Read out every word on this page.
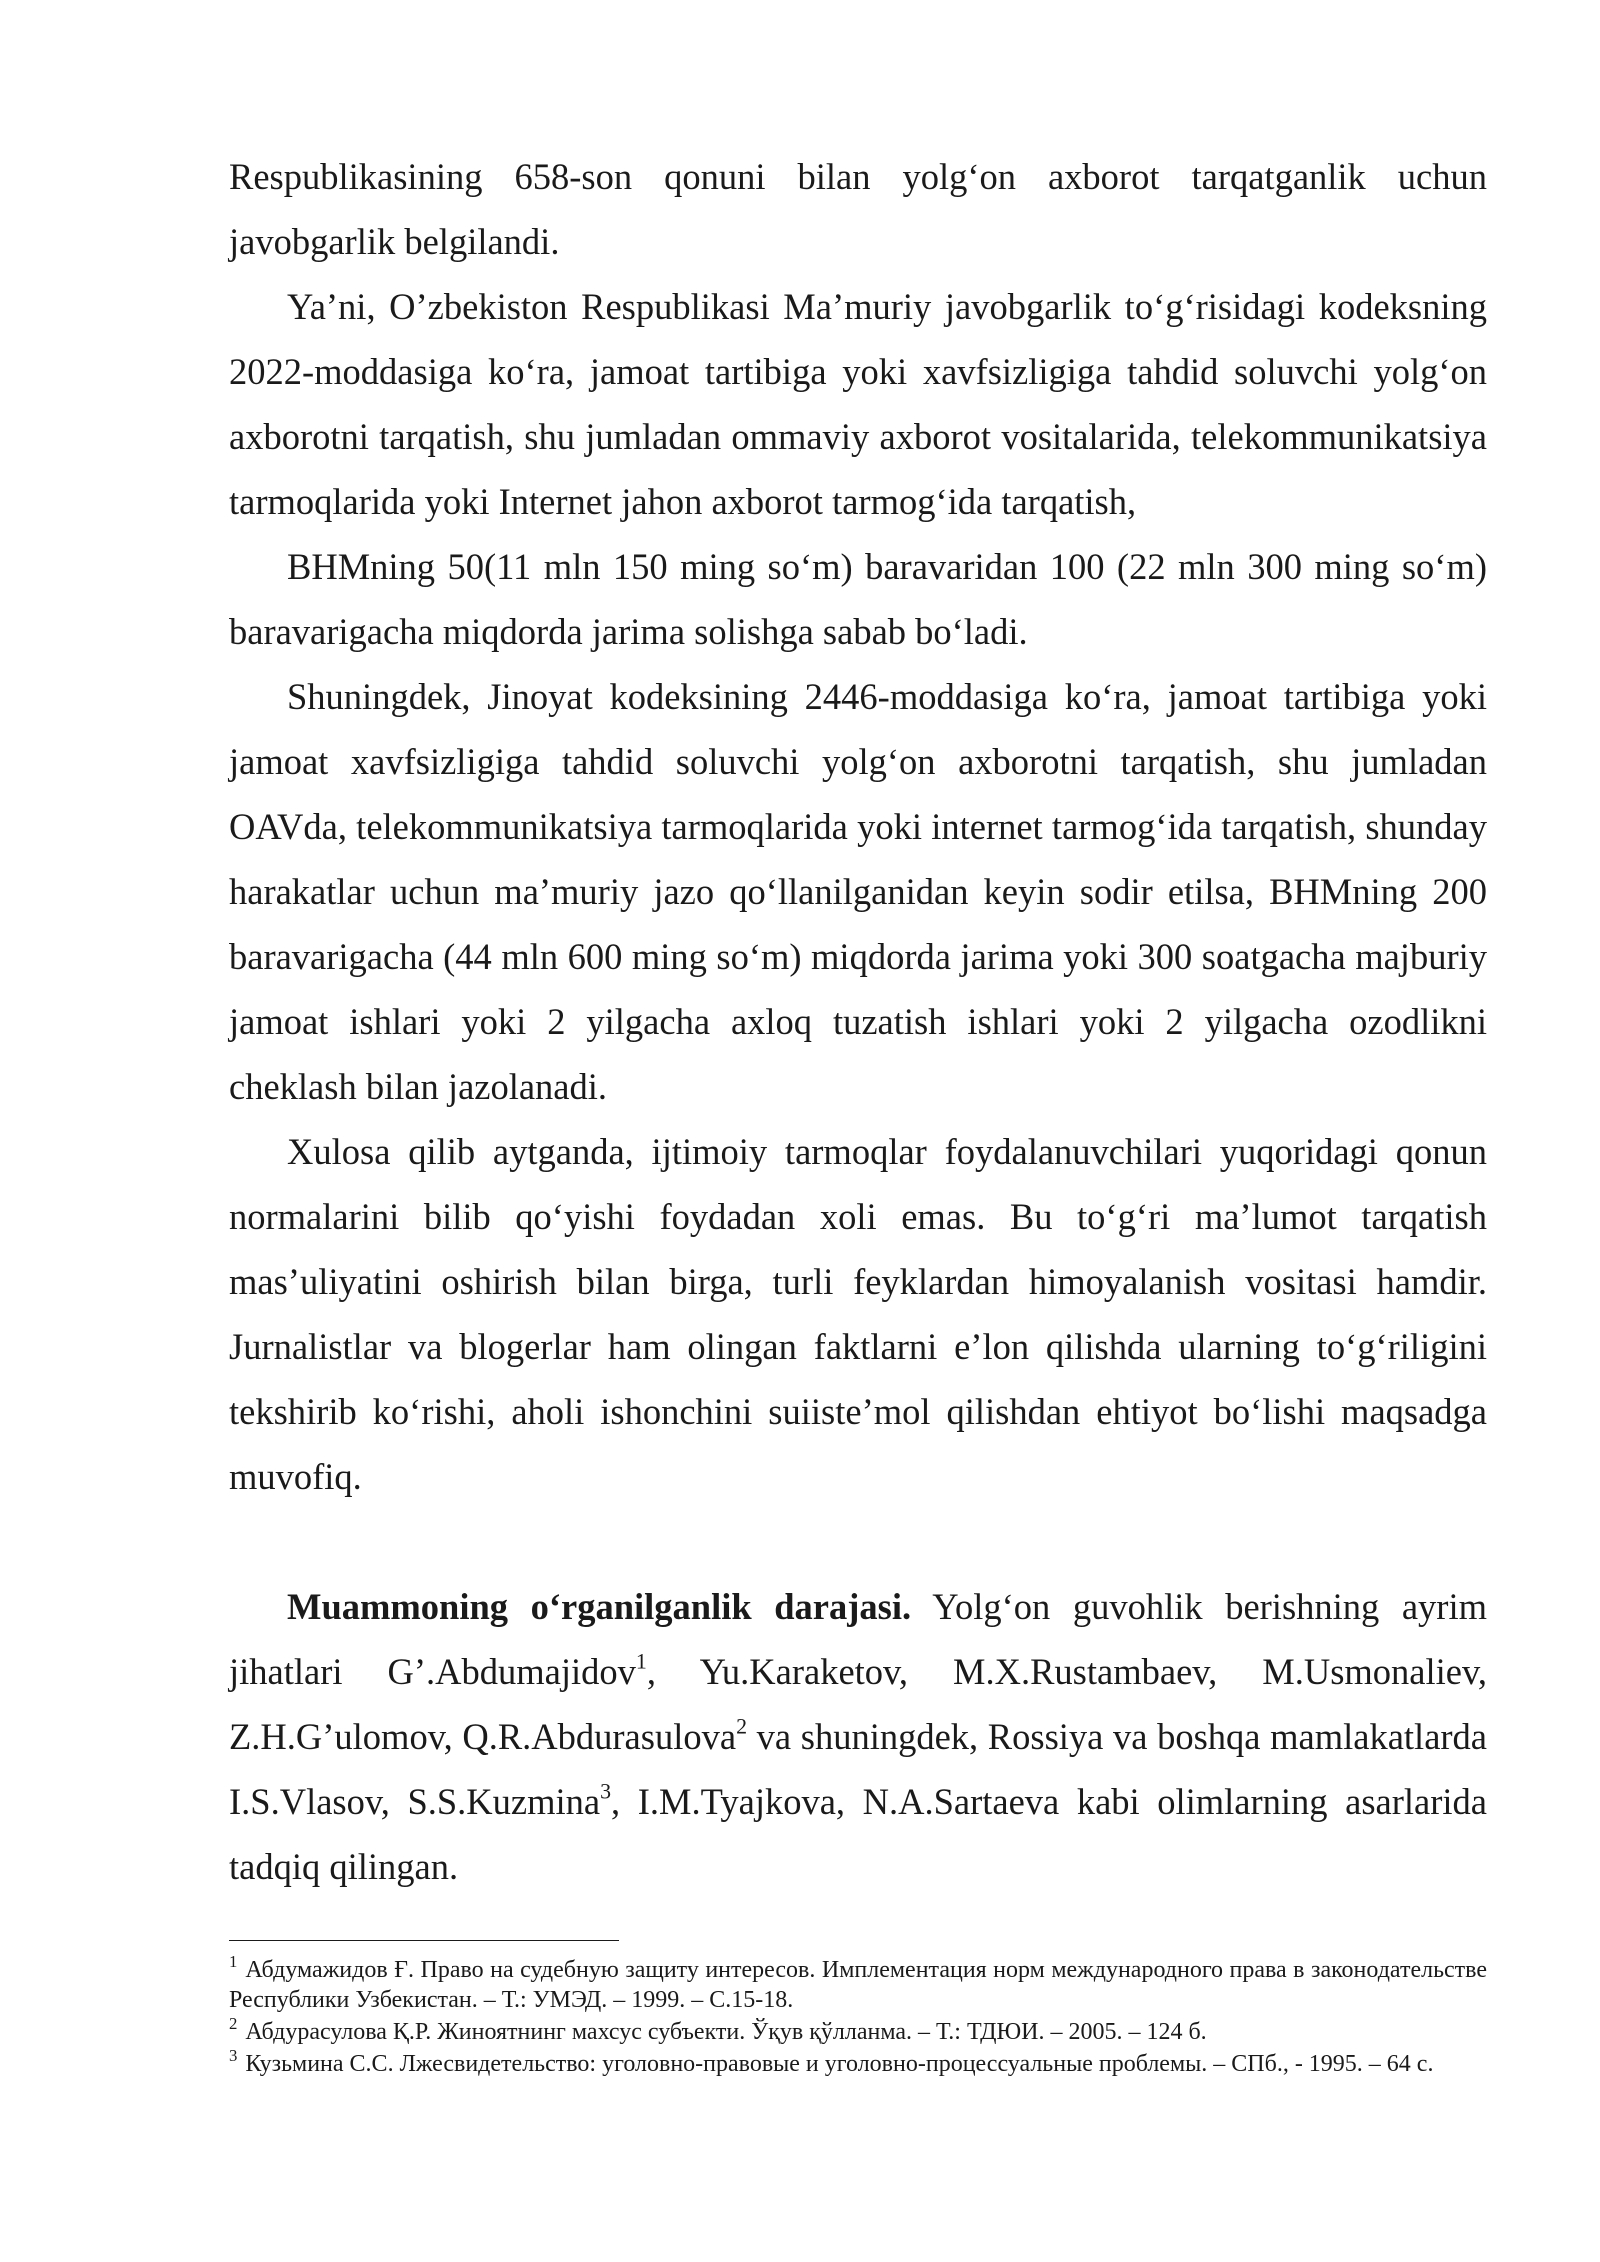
Respublikasining 658-son qonuni bilan yolg‘on axborot tarqatganlik uchun javobgarlik belgilandi.

Ya’ni, O’zbekiston Respublikasi Ma’muriy javobgarlik to‘g‘risidagi kodeksning 2022-moddasiga ko‘ra, jamoat tartibiga yoki xavfsizligiga tahdid soluvchi yolg‘on axborotni tarqatish, shu jumladan ommaviy axborot vositalarida, telekommunikatsiya tarmoqlarida yoki Internet jahon axborot tarmog‘ida tarqatish,

BHMning 50(11 mln 150 ming so‘m) baravaridan 100 (22 mln 300 ming so‘m) baravarigacha miqdorda jarima solishga sabab bo‘ladi.

Shuningdek, Jinoyat kodeksining 2446-moddasiga ko‘ra, jamoat tartibiga yoki jamoat xavfsizligiga tahdid soluvchi yolg‘on axborotni tarqatish, shu jumladan OAVda, telekommunikatsiya tarmoqlarida yoki internet tarmog‘ida tarqatish, shunday harakatlar uchun ma’muriy jazo qo‘llanilganidan keyin sodir etilsa, BHMning 200 baravarigacha (44 mln 600 ming so‘m) miqdorda jarima yoki 300 soatgacha majburiy jamoat ishlari yoki 2 yilgacha axloq tuzatish ishlari yoki 2 yilgacha ozodlikni cheklash bilan jazolanadi.

Xulosa qilib aytganda, ijtimoiy tarmoqlar foydalanuvchilari yuqoridagi qonun normalarini bilib qo‘yishi foydadan xoli emas. Bu to‘g‘ri ma’lumot tarqatish mas’uliyatini oshirish bilan birga, turli feyklardan himoyalanish vositasi hamdir. Jurnalistlar va blogerlar ham olingan faktlarni e’lon qilishda ularning to‘g‘riligini tekshirib ko‘rishi, aholi ishonchini suiiste’mol qilishdan ehtiyot bo‘lishi maqsadga muvofiq.

Muammoning o‘rganilganlik darajasi. Yolg‘on guvohlik berishning ayrim jihatlari G’.Abdumajidov$^1$, Yu.Karaketov, M.X.Rustambaev, M.Usmonaliev, Z.H.G’ulomov, Q.R.Abdurasulova$^2$ va shuningdek, Rossiya va boshqa mamlakatlarda I.S.Vlasov, S.S.Kuzmina$^3$, I.M.Tyajkova, N.A.Sartaeva kabi olimlarning asarlarida tadqiq qilingan.

$^1$ Абдумажидов Ғ. Право на судебную защиту интересов. Имплементация норм международного права в законодательстве Республики Узбекистан. – Т.: УМЭД. – 1999. – С.15-18.

$^2$ Абдурасулова Қ.Р. Жиноятнинг махсус субъекти. Ўқув қўлланма. – Т.: ТДЮИ. – 2005. – 124 б.

$^3$ Кузьмина С.С. Лжесвидетельство: уголовно-правовые и уголовно-процессуальные проблемы. – СПб., - 1995. – 64 с.
